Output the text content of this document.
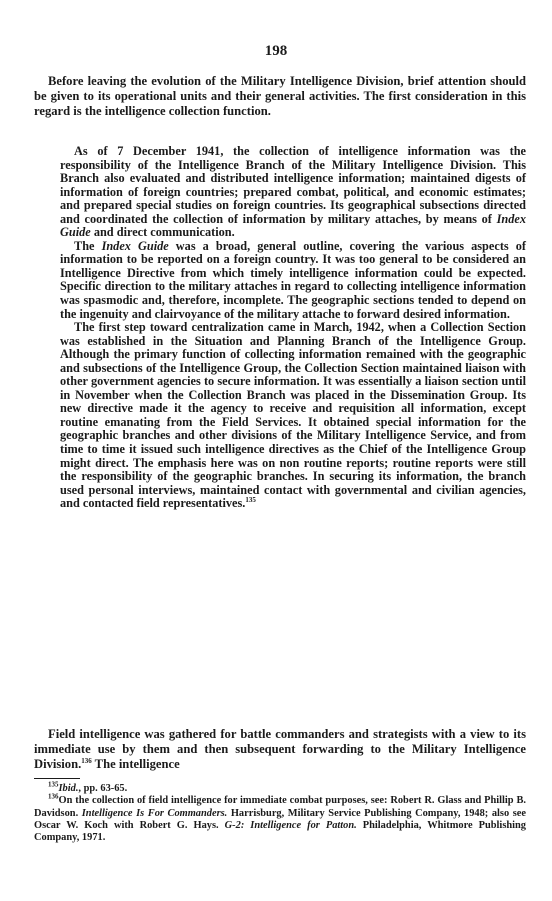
198

Before leaving the evolution of the Military Intelligence Division, brief attention should be given to its operational units and their general activities. The first consideration in this regard is the intelligence collection function.

As of 7 December 1941, the collection of intelligence information was the responsibility of the Intelligence Branch of the Military Intelligence Division. This Branch also evaluated and distributed intelligence information; maintained digests of information of foreign countries; prepared combat, political, and economic estimates; and prepared special studies on foreign countries. Its geographical subsections directed and coordinated the collection of information by military attaches, by means of Index Guide and direct communication.

The Index Guide was a broad, general outline, covering the various aspects of information to be reported on a foreign country. It was too general to be considered an Intelligence Directive from which timely intelligence information could be expected. Specific direction to the military attaches in regard to collecting intelligence information was spasmodic and, therefore, incomplete. The geographic sections tended to depend on the ingenuity and clairvoyance of the military attache to forward desired information.

The first step toward centralization came in March, 1942, when a Collection Section was established in the Situation and Planning Branch of the Intelligence Group. Although the primary function of collecting information remained with the geographic and subsections of the Intelligence Group, the Collection Section maintained liaison with other government agencies to secure information. It was essentially a liaison section until in November when the Collection Branch was placed in the Dissemination Group. Its new directive made it the agency to receive and requisition all information, except routine emanating from the Field Services. It obtained special information for the geographic branches and other divisions of the Military Intelligence Service, and from time to time it issued such intelligence directives as the Chief of the Intelligence Group might direct. The emphasis here was on non routine reports; routine reports were still the responsibility of the geographic branches. In securing its information, the branch used personal interviews, maintained contact with governmental and civilian agencies, and contacted field representatives.$^{135}$

Field intelligence was gathered for battle commanders and strategists with a view to its immediate use by them and then subsequent forwarding to the Military Intelligence Division.$^{136}$ The intelligence

$^{135}$Ibid., pp. 63-65.

$^{136}$On the collection of field intelligence for immediate combat purposes, see: Robert R. Glass and Phillip B. Davidson. Intelligence Is For Commanders. Harrisburg, Military Service Publishing Company, 1948; also see Oscar W. Koch with Robert G. Hays. G-2: Intelligence for Patton. Philadelphia, Whitmore Publishing Company, 1971.
